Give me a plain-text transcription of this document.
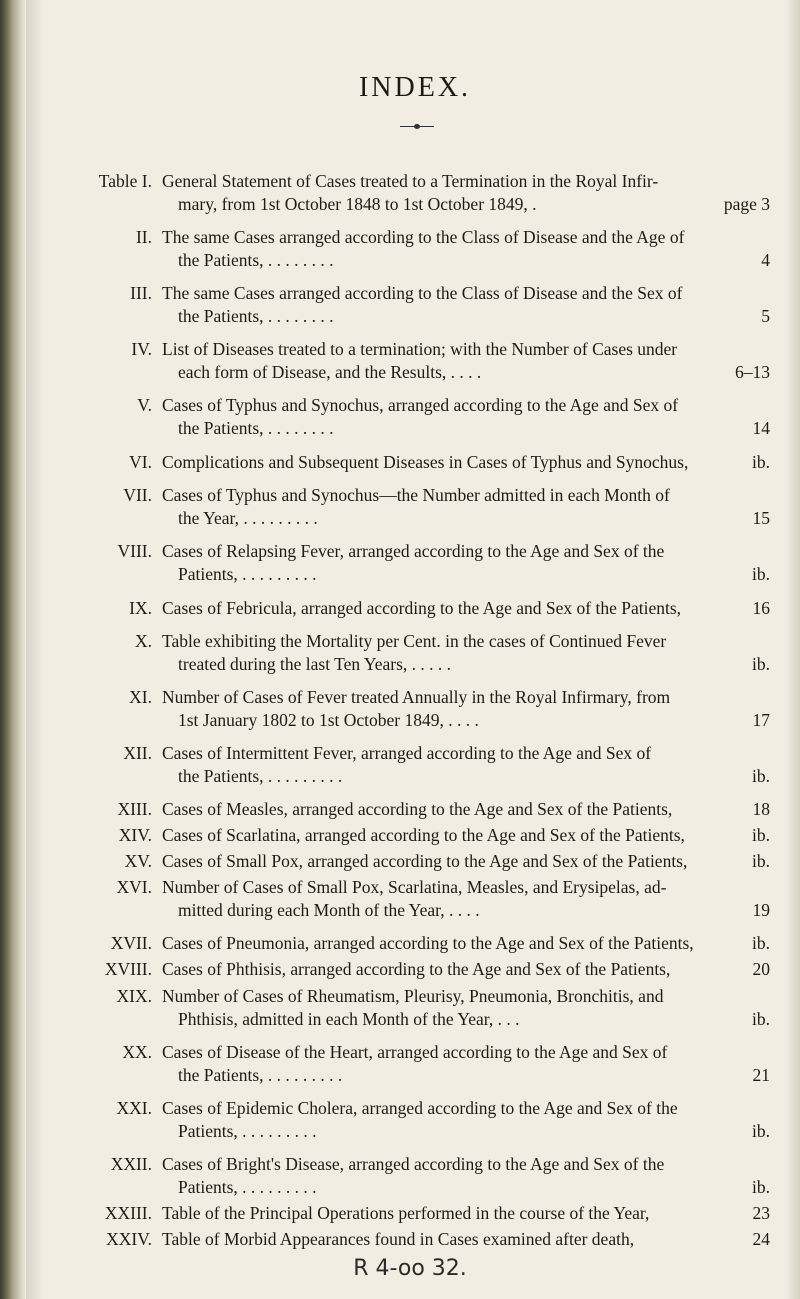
INDEX.
Table I. General Statement of Cases treated to a Termination in the Royal Infir-
mary, from 1st October 1848 to 1st October 1849, .	page 3
II. The same Cases arranged according to the Class of Disease and the Age of
the Patients, . . . . . . . .	4
III. The same Cases arranged according to the Class of Disease and the Sex of
the Patients, . . . . . . . .	5
IV. List of Diseases treated to a termination; with the Number of Cases under
each form of Disease, and the Results, . . . .	6–13
V. Cases of Typhus and Synochus, arranged according to the Age and Sex of
the Patients, . . . . . . . .	14
VI. Complications and Subsequent Diseases in Cases of Typhus and Synochus,	ib.
VII. Cases of Typhus and Synochus—the Number admitted in each Month of
the Year, . . . . . . . . .	15
VIII. Cases of Relapsing Fever, arranged according to the Age and Sex of the
Patients, . . . . . . . . .	ib.
IX. Cases of Febricula, arranged according to the Age and Sex of the Patients,	16
X. Table exhibiting the Mortality per Cent. in the cases of Continued Fever
treated during the last Ten Years, . . . . .	ib.
XI. Number of Cases of Fever treated Annually in the Royal Infirmary, from
1st January 1802 to 1st October 1849, . . . .	17
XII. Cases of Intermittent Fever, arranged according to the Age and Sex of
the Patients, . . . . . . . . .	ib.
XIII. Cases of Measles, arranged according to the Age and Sex of the Patients,	18
XIV. Cases of Scarlatina, arranged according to the Age and Sex of the Patients,	ib.
XV. Cases of Small Pox, arranged according to the Age and Sex of the Patients,	ib.
XVI. Number of Cases of Small Pox, Scarlatina, Measles, and Erysipelas, ad-
mitted during each Month of the Year, . . . .	19
XVII. Cases of Pneumonia, arranged according to the Age and Sex of the Patients,	ib.
XVIII. Cases of Phthisis, arranged according to the Age and Sex of the Patients,	20
XIX. Number of Cases of Rheumatism, Pleurisy, Pneumonia, Bronchitis, and
Phthisis, admitted in each Month of the Year, . . .	ib.
XX. Cases of Disease of the Heart, arranged according to the Age and Sex of
the Patients, . . . . . . . . .	21
XXI. Cases of Epidemic Cholera, arranged according to the Age and Sex of the
Patients, . . . . . . . . .	ib.
XXII. Cases of Bright's Disease, arranged according to the Age and Sex of the
Patients, . . . . . . . . .	ib.
XXIII. Table of the Principal Operations performed in the course of the Year,	23
XXIV. Table of Morbid Appearances found in Cases examined after death,	24
R 4-oo 32.
